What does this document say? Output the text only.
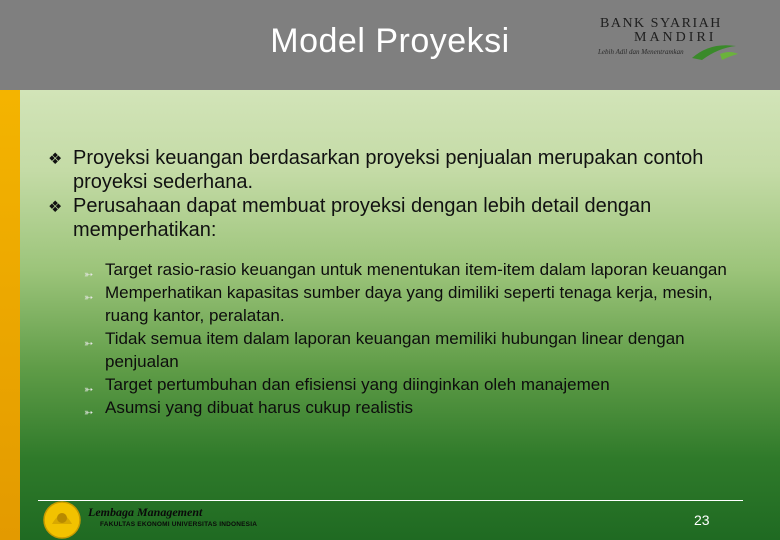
Model Proyeksi	BANK SYARIAH
MANDIRI
Lebih Adil dan Menentramkan
❖ Proyeksi keuangan berdasarkan proyeksi penjualan merupakan contoh proyeksi sederhana.
❖ Perusahaan dapat membuat proyeksi dengan lebih detail dengan memperhatikan:
➳ Target rasio-rasio keuangan untuk menentukan item-item dalam laporan keuangan
➳ Memperhatikan kapasitas sumber daya yang dimiliki seperti tenaga kerja, mesin, ruang kantor, peralatan.
➳ Tidak semua item dalam laporan keuangan memiliki hubungan linear dengan penjualan
➳ Target pertumbuhan dan efisiensi yang diinginkan oleh manajemen
➳ Asumsi yang dibuat harus cukup realistis
Lembaga Management
FAKULTAS EKONOMI UNIVERSITAS INDONESIA	23
